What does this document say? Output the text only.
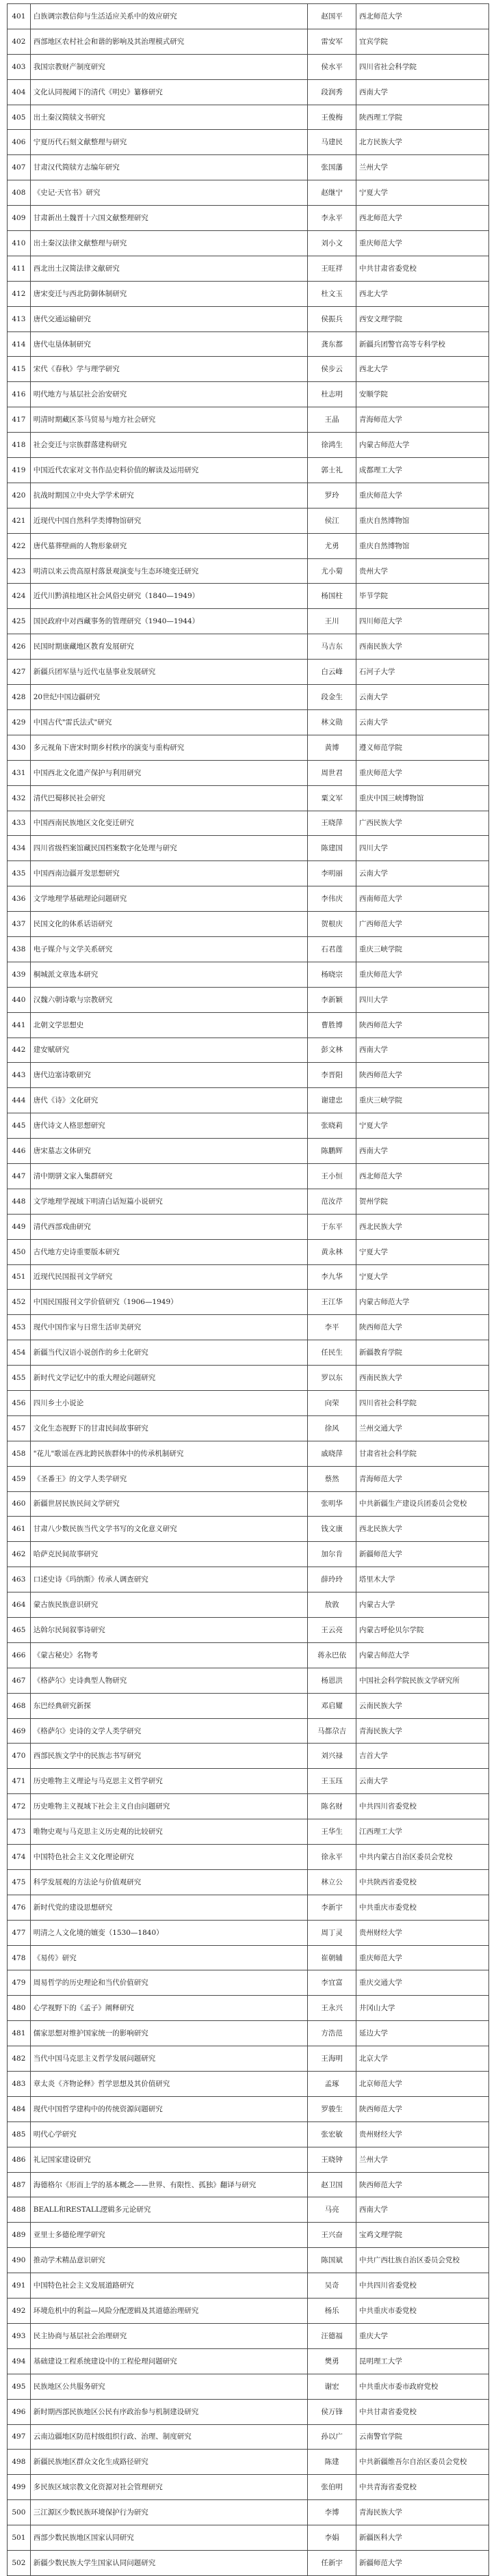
401	白族调宗教信仰与生活适应关系中的效应研究	赵国平	西北师范大学
402	西部地区农村社会和谐的影响及其治理模式研究	雷安军	宜宾学院
403	我国宗教财产制度研究	侯水平	四川省社会科学院
404	文化认同视阈下的清代《明史》纂修研究	段润秀	西南大学
405	出土秦汉简牍文书研究	王俊梅	陕西理工学院
406	宁夏历代石刻文献整理与研究	马建民	北方民族大学
407	甘肃汉代简牍方志编年研究	张国藩	兰州大学
408	《史记·天官书》研究	赵继宁	宁夏大学
409	甘肃新出土魏晋十六国文献整理研究	李永平	西北师范大学
410	出土秦汉法律文献整理与研究	刘小文	重庆师范大学
411	西北出土汉简法律文献研究	王旺祥	中共甘肃省委党校
412	唐宋变迁与西北防御体制研究	杜文玉	西北大学
413	唐代交通运输研究	侯振兵	西安文理学院
414	唐代屯垦体制研究	龚东都	新疆兵团警官高等专科学校
415	宋代《春秋》学与理学研究	侯步云	西北大学
416	明代地方与基层社会治安研究	杜志明	安顺学院
417	明清时期藏区茶马贸易与地方社会研究	王晶	青海师范大学
418	社会变迁与宗族群落建构研究	徐鸿生	内蒙古师范大学
419	中国近代农家对文书作品史料价值的解读及运用研究	郭士礼	成都理工大学
420	抗战时期国立中央大学学术研究	罗玲	重庆师范大学
421	近现代中国自然科学类博物馆研究	侯江	重庆自然博物馆
422	唐代墓葬壁画的人物形象研究	尤勇	重庆自然博物馆
423	明清以来云贵高原村落景观演变与生态环境变迁研究	尤小菊	贵州大学
424	近代川黔滇桂地区社会风俗史研究（1840—1949）	杨国柱	毕节学院
425	国民政府中对西藏事务的管理研究（1940—1944）	王川	四川师范大学
426	民国时期康藏地区教育发展研究	马吉东	西南民族大学
427	新疆兵团军垦与近代屯垦事业发展研究	白云峰	石河子大学
428	20世纪中国边疆研究	段金生	云南大学
429	中国古代"雷氏法式"研究	林文勋	云南大学
430	多元视角下唐宋时期乡村秩序的演变与重构研究	黄博	遵义师范学院
431	中国西北文化遗产保护与利用研究	周世君	重庆师范大学
432	清代巴蜀移民社会研究	粟文军	重庆中国三峡博物馆
433	中国西南民族地区文化变迁研究	王晓萍	广西民族大学
434	四川省级档案馆藏民国档案数字化处理与研究	陈建国	四川大学
435	中国西南边疆开发思想研究	李明丽	云南大学
436	文学地理学基础理论问题研究	李伟庆	西南师范大学
437	民国文化的体系话语研究	贺根庆	广西师范大学
438	电子媒介与文学关系研究	石君莲	重庆三峡学院
439	桐城派文章选本研究	杨晓宗	重庆师范大学
440	汉魏六朝诗歌与宗教研究	李新颖	四川大学
441	北朝文学思想史	曹胜博	陕西师范大学
442	建安赋研究	彭文林	西南大学
443	唐代边塞诗歌研究	李晋阳	陕西师范大学
444	唐代《诗》文化研究	谢建忠	重庆三峡学院
445	唐代诗文人格思想研究	张晓莉	宁夏大学
446	唐宋墓志文体研究	陈鹏辉	西南大学
447	清中期骈文家入集群研究	王小恒	西北师范大学
448	文学地理学视域下明清白话短篇小说研究	范汝芹	贺州学院
449	清代西部戏曲研究	于东平	西北民族大学
450	古代地方史诗重要版本研究	黄永林	宁夏大学
451	近现代民国报刊文学研究	李九华	宁夏大学
452	中国民国报刊文学价值研究（1906—1949）	王江华	内蒙古师范大学
453	现代中国作家与日常生活审美研究	李平	陕西师范大学
454	新疆当代汉语小说创作的乡土化研究	任民生	新疆教育学院
455	新时代文学记忆中的重大理论问题研究	罗以东	西南民族大学
456	四川乡土小说论	向荣	四川省社会科学院
457	文化生态视野下的甘肃民间故事研究	徐风	兰州交通大学
458	"花儿"歌谣在西北跨民族群体中的传承机制研究	戚晓萍	甘肃省社会科学院
459	《圣番王》的文学人类学研究	蔡然	青海师范大学
460	新疆世居民族民间文学研究	张明华	中共新疆生产建设兵团委员会党校
461	甘肃八少数民族当代文学书写的文化意义研究	钱文康	西北民族大学
462	哈萨克民间故事研究	加尔肯	新疆师范大学
463	口述史诗《玛纳斯》传承人调查研究	薛玲玲	塔里木大学
464	蒙古族民族意识研究	敖敦	内蒙古大学
465	达斡尔民间叙事诗研究	王云亮	内蒙古呼伦贝尔学院
466	《蒙古秘史》名物考	蒋永巴依	内蒙古师范大学
467	《格萨尔》史诗典型人物研究	杨恩洪	中国社会科学院民族文学研究所
468	东巴经典研究新探	邓启耀	云南民族大学
469	《格萨尔》史诗的文学人类学研究	马都尕吉	青海民族大学
470	西部民族文学中的民族志书写研究	刘兴禄	吉首大学
471	历史唯物主义理论与马克思主义哲学研究	王玉珏	云南大学
472	历史唯物主义视域下社会主义自由问题研究	陈名财	中共四川省委党校
473	唯物史观与马克思主义历史观的比较研究	王华生	江西理工大学
474	中国特色社会主义文化理论研究	徐永平	中共内蒙古自治区委员会党校
475	科学发展观的方法论与价值观研究	林立公	中共陕西省委党校
476	新时代党的建设思想研究	李新宇	中共重庆市委党校
477	明清之人文化境的嬗变（1530—1840）	周丁灵	贵州财经大学
478	《易传》研究	崔朝辅	重庆师范大学
479	周易哲学的历史理论和当代价值研究	李宜富	重庆交通大学
480	心学视野下的《孟子》阐释研究	王永兴	井冈山大学
481	儒家思想对维护国家统一的影响研究	方浩范	延边大学
482	当代中国马克思主义哲学发展问题研究	王海明	北京大学
483	章太炎《齐物论释》哲学思想及其价值研究	孟琢	北京师范大学
484	现代中国哲学建构中的传统资源问题研究	罗骏生	陕西师范大学
485	明代心学研究	张宏敏	贵州财经大学
486	礼记国家建设研究	王晓钟	兰州大学
487	海德格尔《形而上学的基本概念——世界、有限性、孤独》翻译与研究	赵卫国	陕西师范大学
488	BEALL和RESTALL逻辑多元论研究	马亮	西南大学
489	亚里士多德伦理学研究	王兴奋	宝鸡文理学院
490	推动学术精品意识研究	陈国斌	中共广西壮族自治区委员会党校
491	中国特色社会主义发展道路研究	吴奇	中共四川省委党校
492	环境危机中的利益—风险分配逻辑及其道德治理研究	杨乐	中共重庆市委党校
493	民主协商与基层社会治理研究	汪德福	重庆大学
494	基础建设工程系统建设中的工程伦理问题研究	樊勇	昆明理工大学
495	民族地区公共服务研究	谢宏	中共重庆市委市政府党校
496	新时期西部民族地区公民有序政治参与机制建设研究	侯万锋	中共甘肃省委党校
497	云南边疆地区防范村级组织行政、治理、制度研究	孙以广	云南警官学院
498	新疆民族地区群众文化生成路径研究	陈建	中共新疆维吾尔自治区委员会党校
499	多民族区域宗教文化资源对社会管理研究	张伯明	中共青海省委党校
500	三江源区少数民族环境保护行为研究	李博	青海民族大学
501	西部少数民族地区国家认同研究	李娟	新疆医科大学
502	新疆少数民族大学生国家认同问题研究	任新宇	新疆师范大学
